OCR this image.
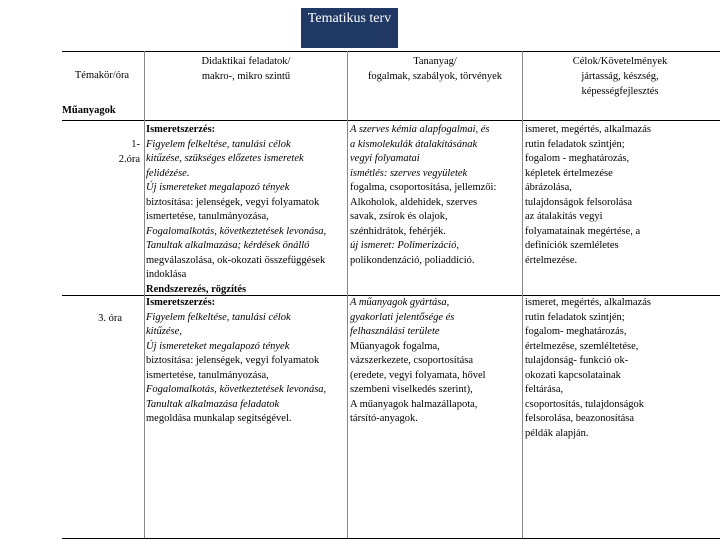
Tematikus terv
Témakör/óra
Didaktikai feladatok/
makro-, mikro szintű
Tananyag/
fogalmak, szabályok, törvények
Célok/Követelmények
jártasság, készség,
képességfejlesztés
Műanyagok
1-
2.óra
Ismeretszerzés:
Figyelem felkeltése, tanulási célok
kitűzése, szükséges előzetes ismeretek
felidézése.
Új ismereteket megalapozó tények
biztosítása: jelenségek, vegyi folyamatok
ismertetése, tanulmányozása,
Fogalomalkotás, következtetések levonása,
Tanultak alkalmazása; kérdések önálló
megválaszolása, ok-okozati összefüggések
indoklása
Rendszerezés, rögzítés
A szerves kémia alapfogalmai, és
a kismolekulák átalakításának
vegyi folyamatai
ismétlés: szerves vegyületek
fogalma, csoportosítása, jellemzői:
Alkoholok, aldehidek, szerves
savak, zsírok és olajok,
szénhidrátok, fehérjék.
új ismeret: Polimerizáció,
polikondenzáció, poliaddíció.
ismeret, megértés, alkalmazás
rutin feladatok szintjén;
fogalom - meghatározás,
képletek értelmezése
ábrázolása,
tulajdonságok felsorolása
az átalakítás vegyi
folyamatainak megértése, a
definíciók szemléletes
értelmezése.
3. óra
Ismeretszerzés:
Figyelem felkeltése, tanulási célok
kitűzése,
Új ismereteket megalapozó tények
biztosítása: jelenségek, vegyi folyamatok
ismertetése, tanulmányozása,
Fogalomalkotás, következtetések levonása,
Tanultak alkalmazása feladatok
megoldása munkalap segítségével.
A műanyagok gyártása,
gyakorlati jelentősége és
felhasználási területe
Műanyagok fogalma,
vázszerkezete, csoportosítása
(eredete, vegyi folyamata, hővel
szembeni viselkedés szerint),
A műanyagok halmazállapota,
társító-anyagok.
ismeret, megértés, alkalmazás
rutin feladatok szintjén;
fogalom- meghatározás,
értelmezése, szemléltetése,
tulajdonság- funkció ok-
okozati kapcsolatainak
feltárása,
csoportosítás, tulajdonságok
felsorolása, beazonosítása
példák alapján.
